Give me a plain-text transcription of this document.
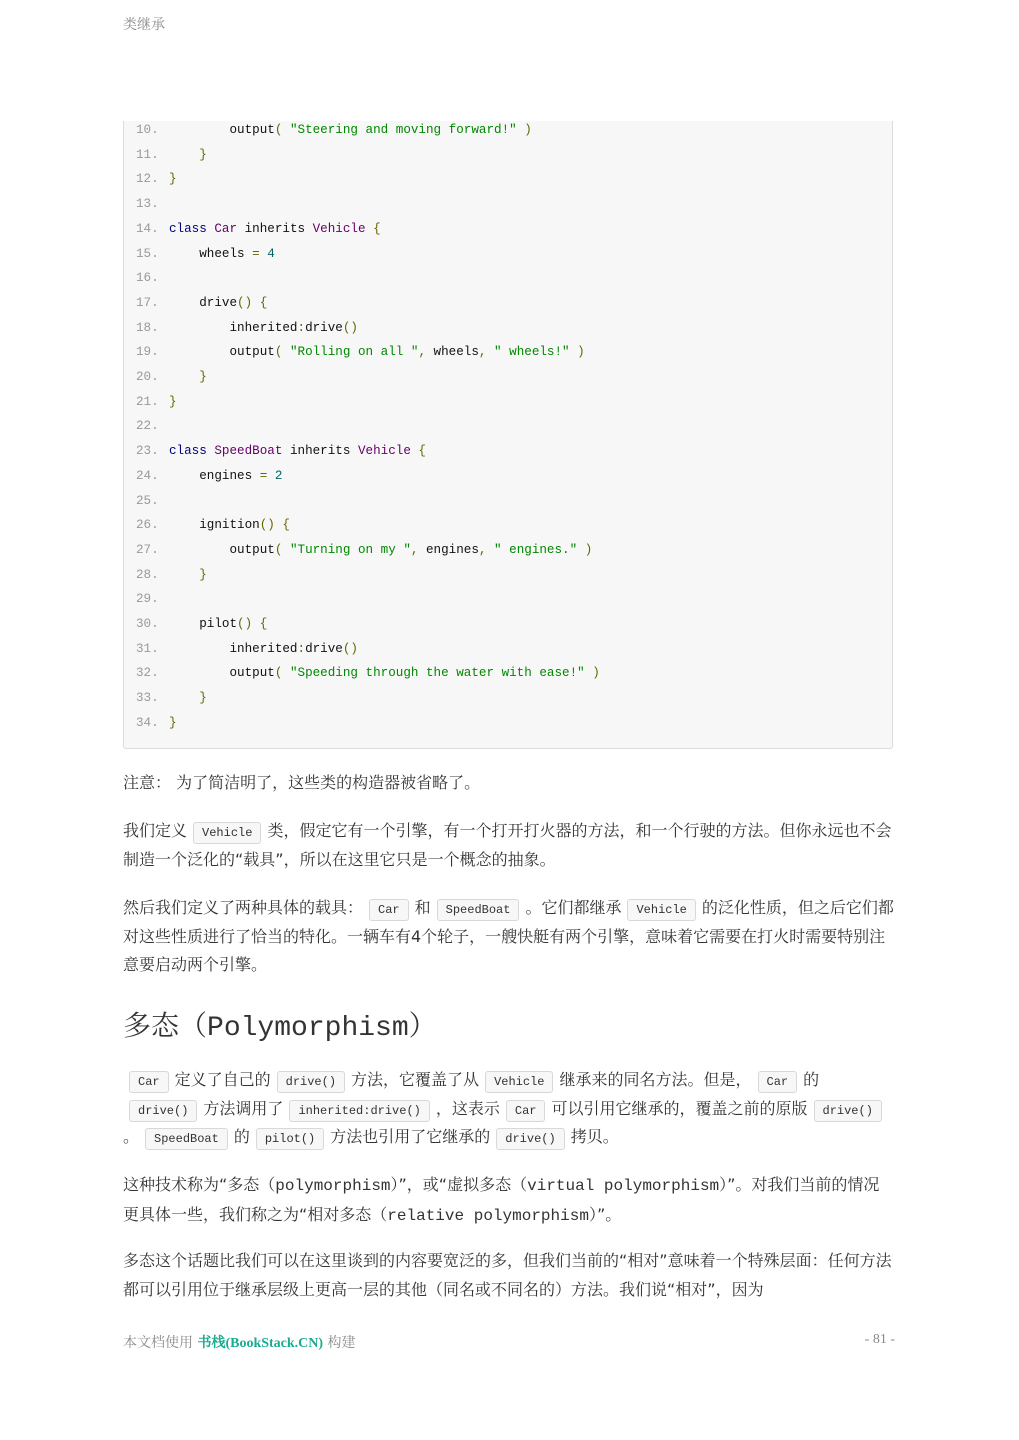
类继承
10.	output( "Steering and moving forward!" )
11.	}
12. }
13.
14. class Car inherits Vehicle {
15.	wheels = 4
16.
17.	drive() {
18.	inherited:drive()
19.	output( "Rolling on all ", wheels, " wheels!" )
20.	}
21. }
22.
23. class SpeedBoat inherits Vehicle {
24.	engines = 2
25.
26.	ignition() {
27.	output( "Turning on my ", engines, " engines." )
28.	}
29.
30.	pilot() {
31.	inherited:drive()
32.	output( "Speeding through the water with ease!" )
33.	}
34. }

注意： 为了简洁明了，这些类的构造器被省略了。

我们定义 Vehicle 类，假定它有一个引擎，有一个打开打火器的方法，和一个行驶的方法。但你永远也不会制造一个泛化的“载具”，所以在这里它只是一个概念的抽象。

然后我们定义了两种具体的载具： Car 和 SpeedBoat 。它们都继承 Vehicle 的泛化性质，但之后它们都对这些性质进行了恰当的特化。一辆车有4个轮子，一艘快艇有两个引擎，意味着它需要在打火时需要特别注意要启动两个引擎。

多态（Polymorphism）

Car 定义了自己的 drive() 方法，它覆盖了从 Vehicle 继承来的同名方法。但是， Car 的drive() 方法调用了 inherited:drive() ，这表示 Car 可以引用它继承的，覆盖之前的原版 drive()。 SpeedBoat 的 pilot() 方法也引用了它继承的 drive() 拷贝。

这种技术称为“多态（polymorphism）”，或“虚拟多态（virtual polymorphism）”。对我们当前的情况更具体一些，我们称之为“相对多态（relative polymorphism）”。

多态这个话题比我们可以在这里谈到的内容要宽泛的多，但我们当前的“相对”意味着一个特殊层面：任何方法都可以引用位于继承层级上更高一层的其他（同名或不同名的）方法。我们说“相对”，因为

本文档使用 书栈(BookStack.CN) 构建	- 81 -
